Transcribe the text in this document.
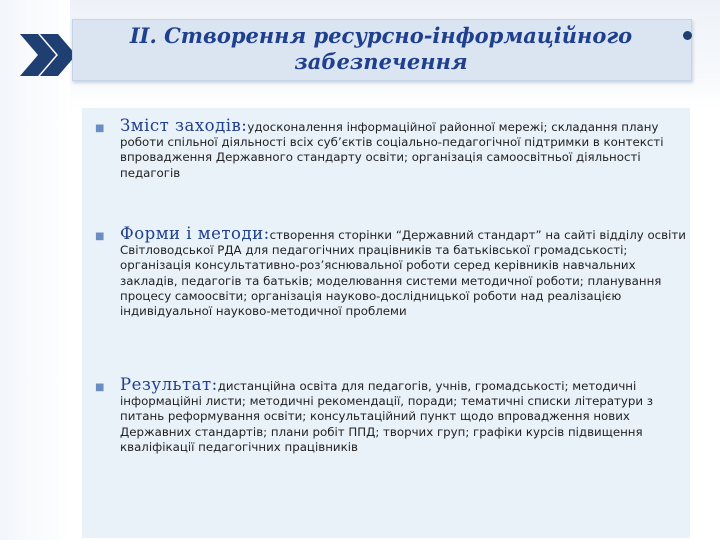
ІІ. Створення ресурсно-інформаційного забезпечення
■ Зміст заходів:удосконалення інформаційної районної мережі; складання плану роботи спільної діяльності всіх суб’єктів соціально-педагогічної підтримки в контексті впровадження Державного стандарту освіти; організація самоосвітньої діяльності педагогів

■ Форми і методи:створення сторінки “Державний стандарт” на сайті відділу освіти Світловодської РДА для педагогічних працівників та батьківської громадськості; організація консультативно-роз’яснювальної роботи серед керівників навчальних закладів, педагогів та батьків; моделювання системи методичної роботи; планування процесу самоосвіти; організація науково-дослідницької роботи над реалізацією індивідуальної науково-методичної проблеми

■ Результат:дистанційна освіта для педагогів, учнів, громадськості; методичні інформаційні листи; методичні рекомендації, поради; тематичні списки літератури з питань реформування освіти; консультаційний пункт щодо впровадження нових Державних стандартів; плани робіт ППД; творчих груп; графіки курсів підвищення кваліфікації педагогічних працівників
